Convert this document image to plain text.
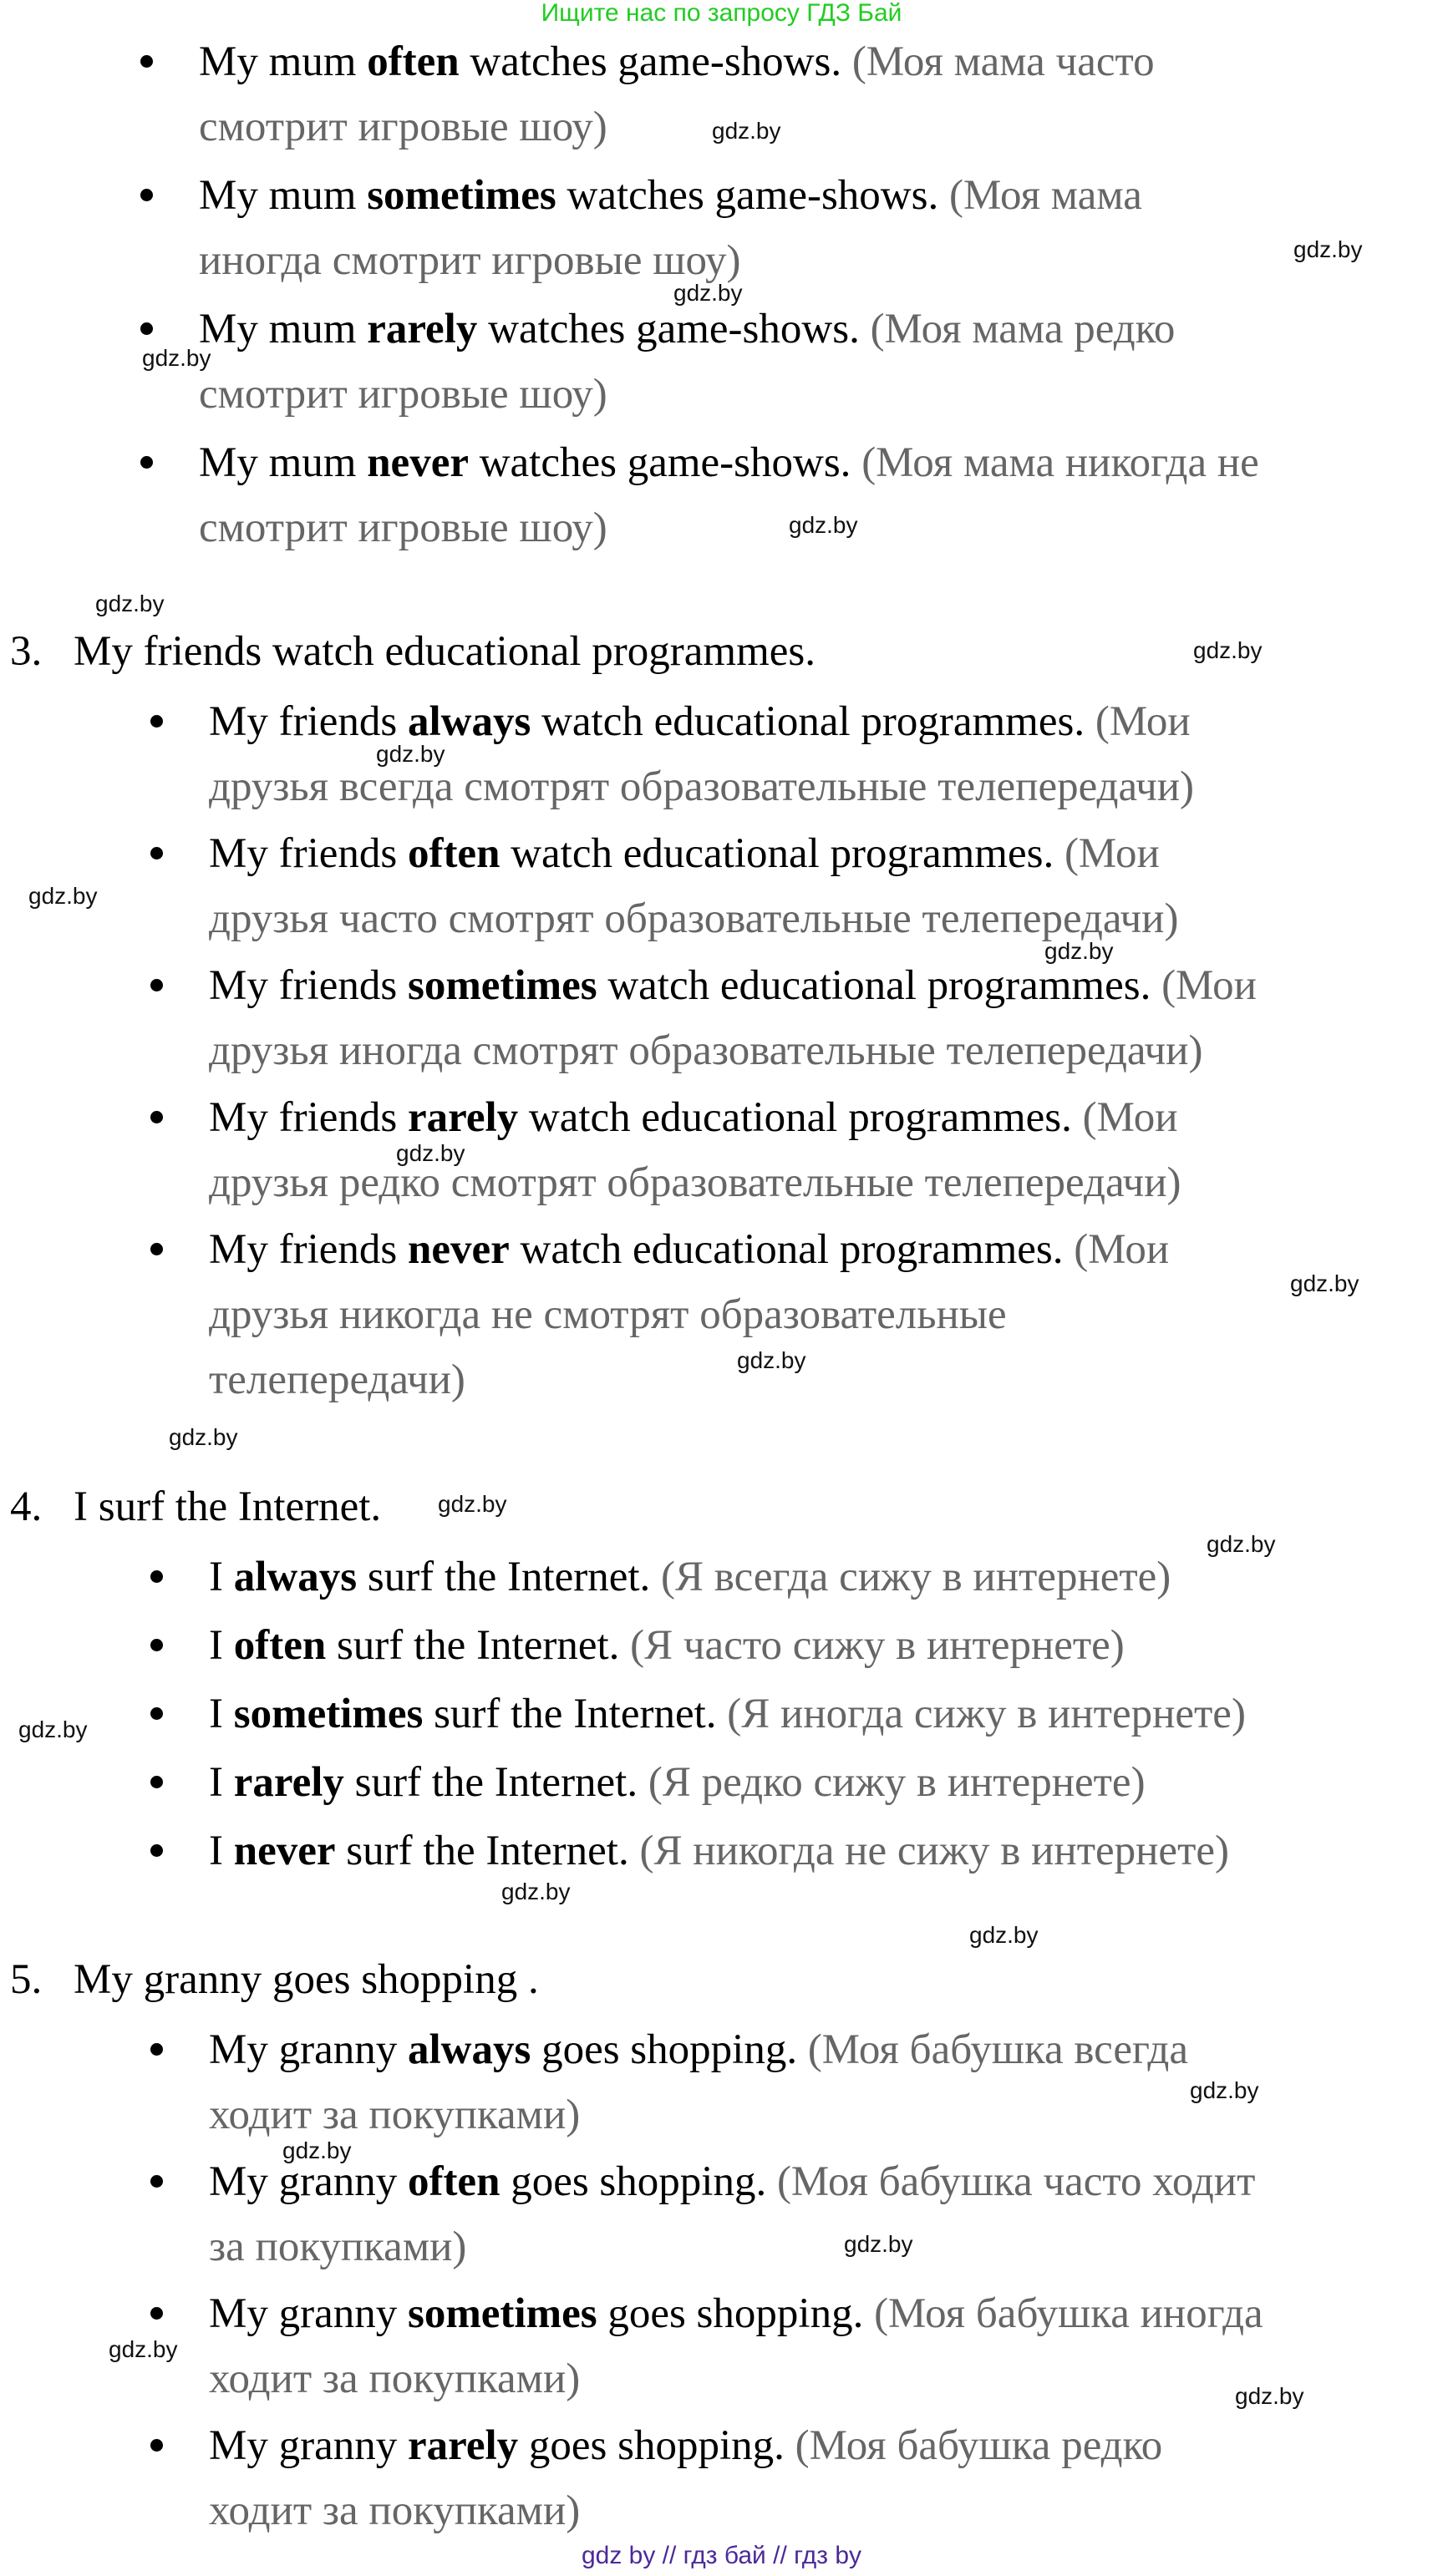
Ищите нас по запросу ГДЗ Бай
My mum often watches game-shows. (Моя мама часто
смотрит игровые шоу)
My mum sometimes watches game-shows. (Моя мама
иногда смотрит игровые шоу)
My mum rarely watches game-shows. (Моя мама редко
смотрит игровые шоу)
My mum never watches game-shows. (Моя мама никогда не
смотрит игровые шоу)
3. My friends watch educational programmes.
My friends always watch educational programmes. (Мои
друзья всегда смотрят образовательные телепередачи)
My friends often watch educational programmes. (Мои
друзья часто смотрят образовательные телепередачи)
My friends sometimes watch educational programmes. (Мои
друзья иногда смотрят образовательные телепередачи)
My friends rarely watch educational programmes. (Мои
друзья редко смотрят образовательные телепередачи)
My friends never watch educational programmes. (Мои
друзья никогда не смотрят образовательные
телепередачи)
4. I surf the Internet.
I always surf the Internet. (Я всегда сижу в интернете)
I often surf the Internet. (Я часто сижу в интернете)
I sometimes surf the Internet. (Я иногда сижу в интернете)
I rarely surf the Internet. (Я редко сижу в интернете)
I never surf the Internet. (Я никогда не сижу в интернете)
5. My granny goes shopping .
My granny always goes shopping. (Моя бабушка всегда
ходит за покупками)
My granny often goes shopping. (Моя бабушка часто ходит
за покупками)
My granny sometimes goes shopping. (Моя бабушка иногда
ходит за покупками)
My granny rarely goes shopping. (Моя бабушка редко
ходит за покупками)
gdz.by
gdz.by
gdz.by
gdz.by
gdz.by
gdz.by
gdz.by
gdz.by
gdz.by
gdz.by
gdz.by
gdz.by
gdz.by
gdz.by
gdz.by
gdz.by
gdz.by
gdz.by
gdz.by
gdz.by
gdz.by
gdz.by
gdz.by
gdz.by
gdz by // гдз бай // гдз by
